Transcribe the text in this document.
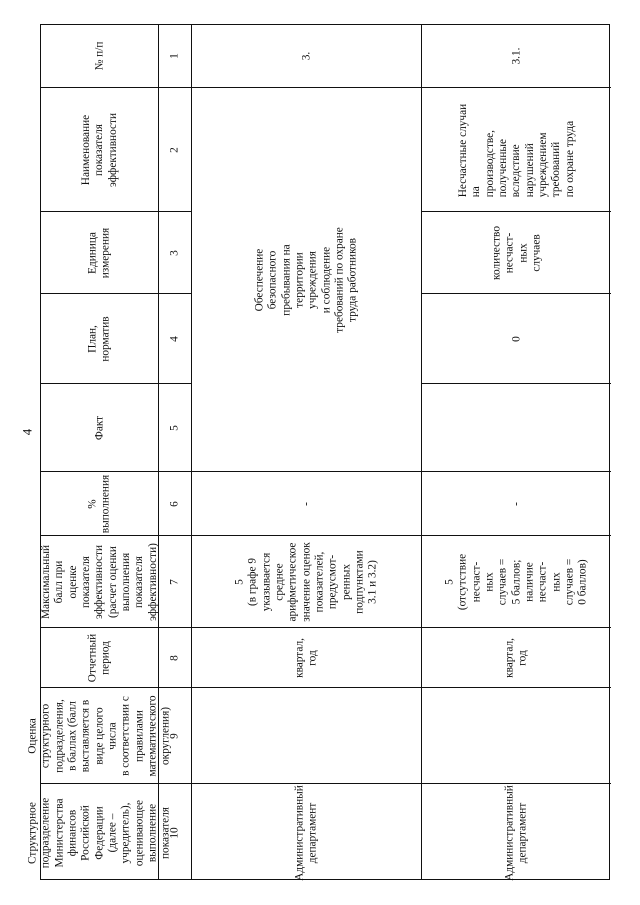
4
№ п/п
Наименование показателя
эффективности
Единица
измерения
План,
норматив
Факт
%
выполнения
Максимальный
балл при оценке
показателя
эффективности
(расчет оценки
выполнения
показателя
эффективности)
Отчетный
период
Оценка
структурного
подразделения,
в баллах (балл
выставляется в
виде целого числа
в соответствии с
правилами
математического
округления)
Структурное
подразделение
Министерства
финансов
Российской
Федерации
(далее – учредитель),
оценивающее
выполнение
показателя
1
2
3
4
5
6
7
8
9
10
3.
Обеспечение безопасного пребывания на территории учреждения
и соблюдение требований по охране труда работников
-
5
(в графе 9
указывается
среднее
арифметическое
значение оценок
показателей,
предусмот-
ренных
подпунктами
3.1 и 3.2)
квартал,
год
Административный
департамент
3.1.
Несчастные случаи на
производстве, полученные
вследствие нарушений
учреждением требований
по охране труда
количество
несчаст-
ных
случаев
0
-
5
(отсутствие
несчаст-
ных
случаев =
5 баллов;
наличие
несчаст-
ных
случаев =
0 баллов)
квартал,
год
Административный
департамент
